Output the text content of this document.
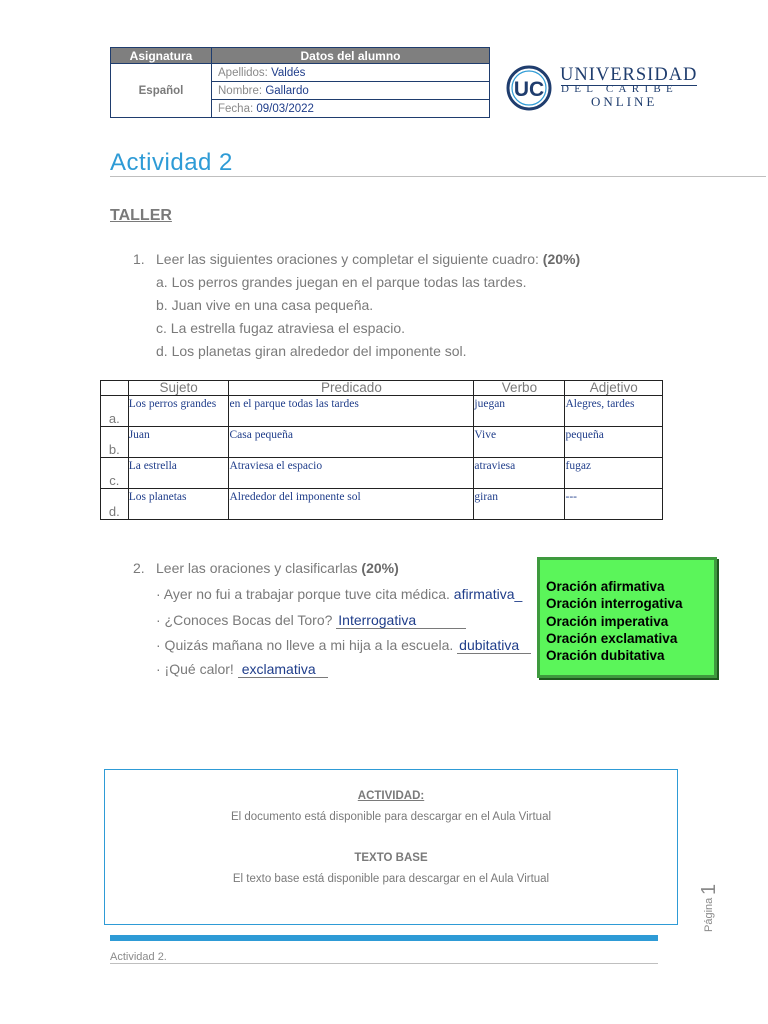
Asignatura	Datos del alumno
Español	Apellidos: Valdés
	Nombre: Gallardo
	Fecha: 09/03/2022
UC
UNIVERSIDAD
DEL CARIBE
ONLINE
Actividad 2
TALLER
1. Leer las siguientes oraciones y completar el siguiente cuadro: (20%)
a. Los perros grandes juegan en el parque todas las tardes.
b. Juan vive en una casa pequeña.
c. La estrella fugaz atraviesa el espacio.
d. Los planetas giran alrededor del imponente sol.
	Sujeto	Predicado	Verbo	Adjetivo
a.	Los perros grandes	en el parque todas las tardes	juegan	Alegres, tardes

b.	Juan	Casa pequeña	Vive	pequeña

c.	La estrella	Atraviesa el espacio	atraviesa	fugaz

d.	Los planetas	Alrededor del imponente sol	giran	---
2. Leer las oraciones y clasificarlas (20%)
· Ayer no fui a trabajar porque tuve cita médica. afirmativa_
· ¿Conoces Bocas del Toro? Interrogativa
· Quizás mañana no lleve a mi hija a la escuela. dubitativa
· ¡Qué calor! exclamativa
Oración afirmativa
Oración interrogativa
Oración imperativa
Oración exclamativa
Oración dubitativa
ACTIVIDAD:
El documento está disponible para descargar en el Aula Virtual
TEXTO BASE
El texto base está disponible para descargar en el Aula Virtual
Página
1
Actividad 2.
